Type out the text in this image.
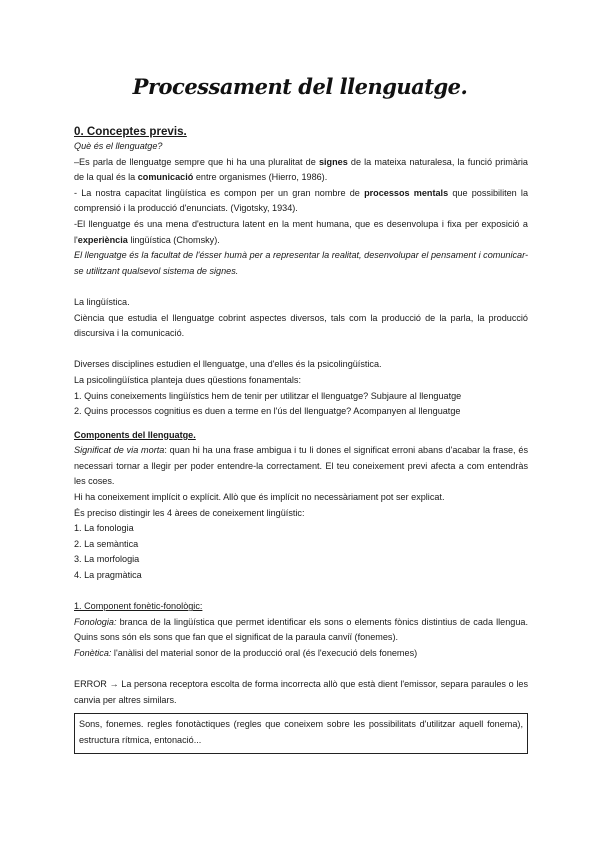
Processament del llenguatge.

0. Conceptes previs.

Què és el llenguatge?

–Es parla de llenguatge sempre que hi ha una pluralitat de signes de la mateixa naturalesa, la funció primària de la qual és la comunicació entre organismes (Hierro, 1986).

- La nostra capacitat lingüística es compon per un gran nombre de processos mentals que possibiliten la comprensió i la producció d'enunciats. (Vigotsky, 1934).

-El llenguatge és una mena d'estructura latent en la ment humana, que es desenvolupa i fixa per exposició a l'experiència lingüística (Chomsky).

El llenguatge és la facultat de l'ésser humà per a representar la realitat, desenvolupar el pensament i comunicar-se utilitzant qualsevol sistema de signes.

La lingüística.

Ciència que estudia el llenguatge cobrint aspectes diversos, tals com la producció de la parla, la producció discursiva i la comunicació.

Diverses disciplines estudien el llenguatge, una d'elles és la psicolingüística.

La psicolingüística planteja dues qüestions fonamentals:

1. Quins coneixements lingüístics hem de tenir per utilitzar el llenguatge? Subjaure al llenguatge

2. Quins processos cognitius es duen a terme en l'ús del llenguatge? Acompanyen al llenguatge

Components del llenguatge.

Significat de via morta: quan hi ha una frase ambigua i tu li dones el significat erroni abans d'acabar la frase, és necessari tornar a llegir per poder entendre-la correctament. El teu coneixement previ afecta a com entendràs les coses.

Hi ha coneixement implícit o explícit. Allò que és implícit no necessàriament pot ser explicat.

És preciso distingir les 4 àrees de coneixement lingüístic:

1. La fonologia
2. La semàntica
3. La morfologia
4. La pragmàtica

1. Component fonètic-fonològic:

Fonologia: branca de la lingüística que permet identificar els sons o elements fònics distintius de cada llengua. Quins sons són els sons que fan que el significat de la paraula canviï (fonemes).

Fonètica: l'anàlisi del material sonor de la producció oral (és l'execució dels fonemes)

ERROR → La persona receptora escolta de forma incorrecta allò que està dient l'emissor, separa paraules o les canvia per altres similars.

Sons, fonemes. regles fonotàctiques (regles que coneixem sobre les possibilitats d'utilitzar aquell fonema), estructura rítmica, entonació...
